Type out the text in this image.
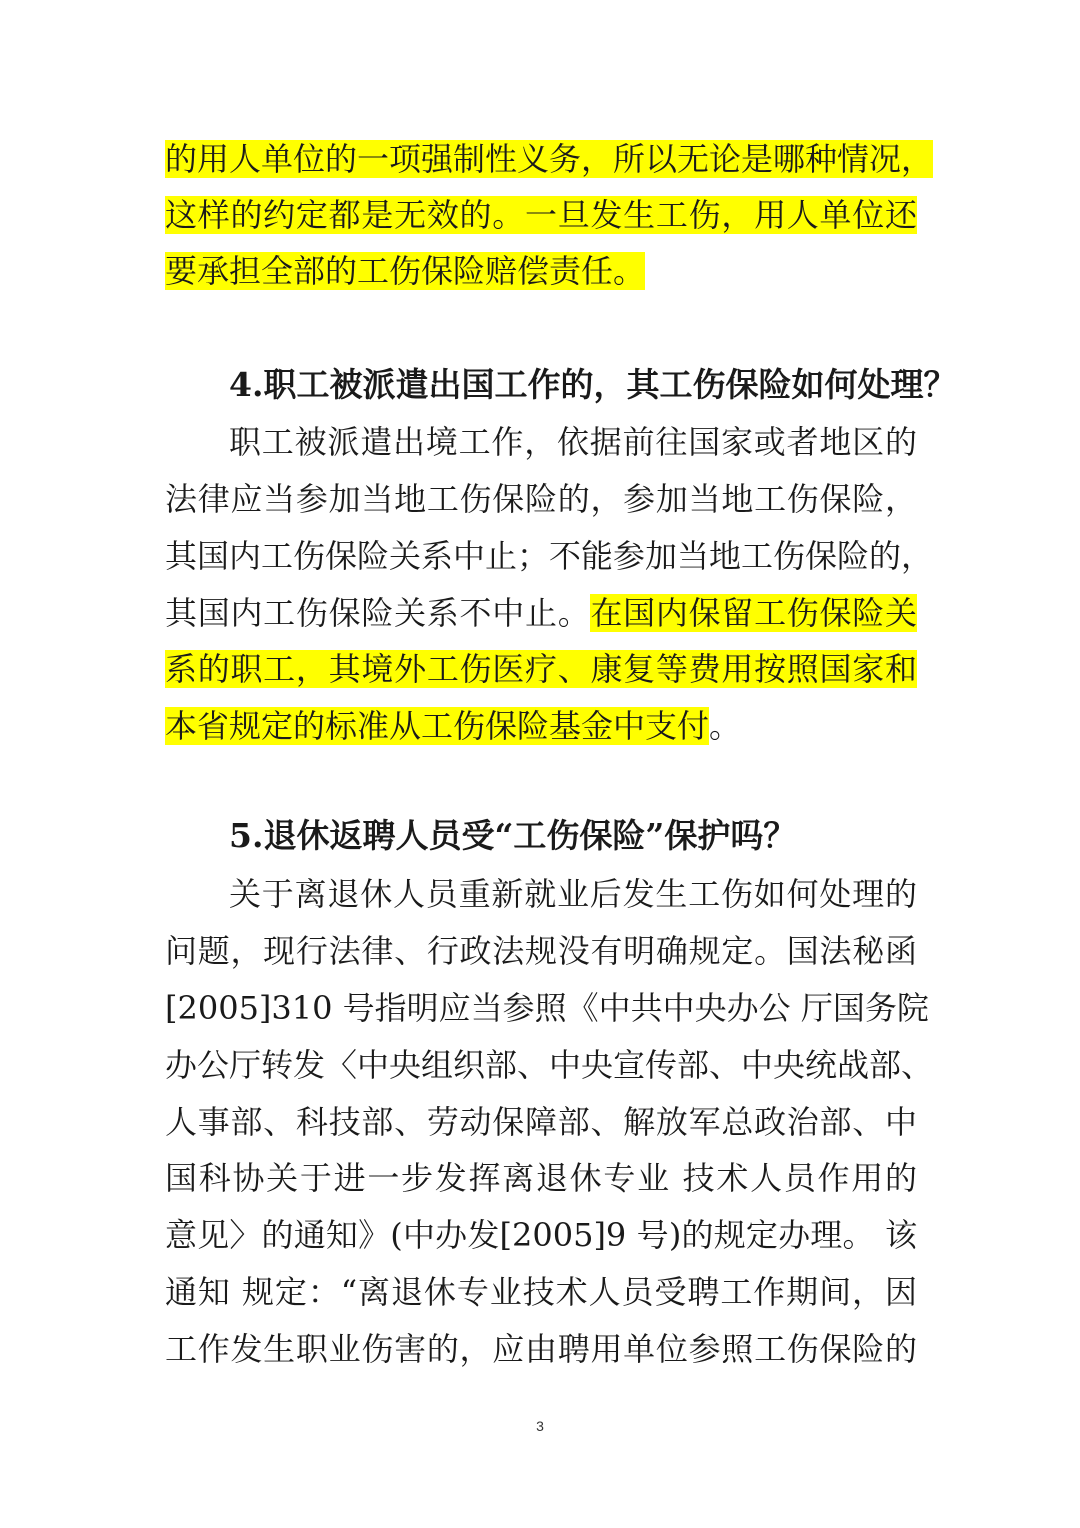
的用人单位的一项强制性义务，所以无论是哪种情况，
这样的约定都是无效的。一旦发生工伤，用人单位还
要承担全部的工伤保险赔偿责任。
4.职工被派遣出国工作的，其工伤保险如何处理？
职工被派遣出境工作，依据前往国家或者地区的
法律应当参加当地工伤保险的，参加当地工伤保险，
其国内工伤保险关系中止；不能参加当地工伤保险的，
其国内工伤保险关系不中止。在国内保留工伤保险关
系的职工，其境外工伤医疗、康复等费用按照国家和
本省规定的标准从工伤保险基金中支付。
5.退休返聘人员受“工伤保险”保护吗？
关于离退休人员重新就业后发生工伤如何处理的
问题，现行法律、行政法规没有明确规定。国法秘函
[2005]310 号指明应当参照《中共中央办公 厅国务院
办公厅转发〈中央组织部、中央宣传部、中央统战部、
人事部、科技部、劳动保障部、解放军总政治部、中
国科协关于进一步发挥离退休专业 技术人员作用的
意见〉的通知》(中办发[2005]9 号)的规定办理。 该
通知 规定：“离退休专业技术人员受聘工作期间，因
工作发生职业伤害的，应由聘用单位参照工伤保险的
3
